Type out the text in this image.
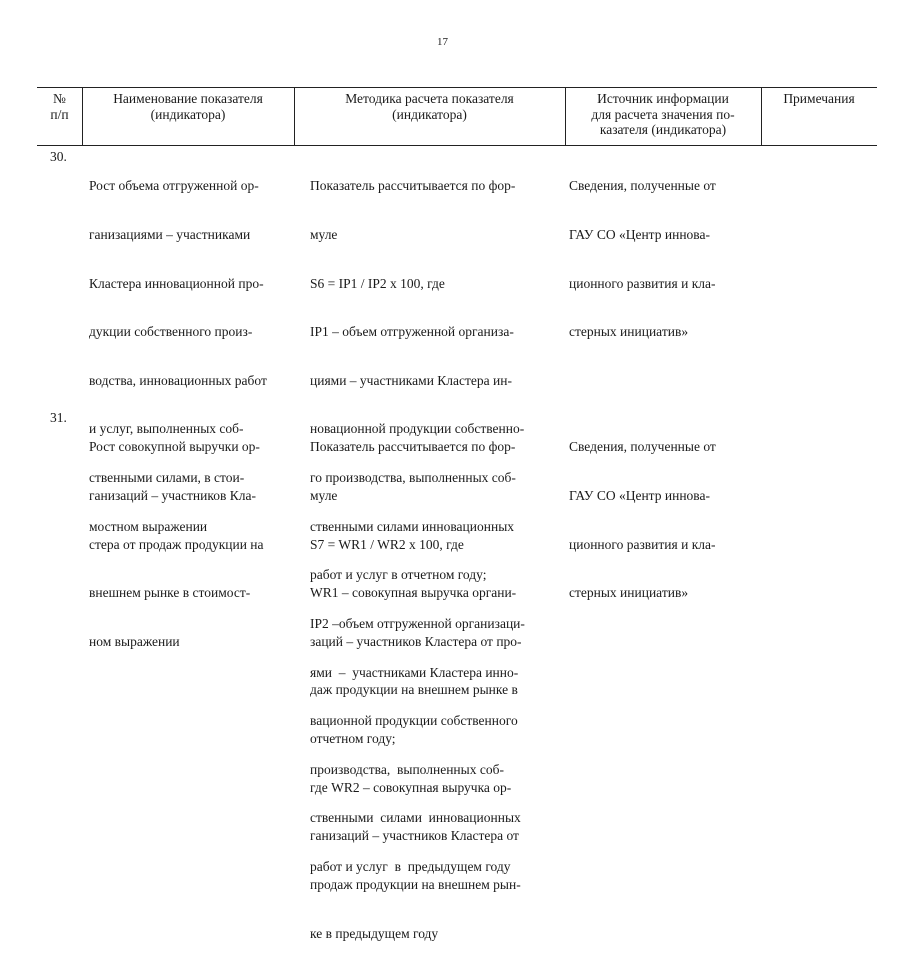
17
№
п/п
Наименование показателя
(индикатора)
Методика расчета показателя
(индикатора)
Источник информации
для расчета значения по-
казателя (индикатора)
Примечания
30.

Рост объема отгруженной ор-

ганизациями – участниками

Кластера инновационной про-

дукции собственного произ-

водства, инновационных работ

и услуг, выполненных соб-

ственными силами, в стои-

мостном выражении

Показатель рассчитывается по фор-

муле

S6 = IP1 / IP2 x 100, где

IP1 – объем отгруженной организа-

циями – участниками Кластера ин-

новационной продукции собственно-

го производства, выполненных соб-

ственными силами инновационных

работ и услуг в отчетном году;

IP2 –объем отгруженной организаци-

ями  –  участниками Кластера инно-

вационной продукции собственного

производства,  выполненных соб-

ственными  силами  инновационных

работ и услуг  в  предыдущем году

Сведения, полученные от

ГАУ СО «Центр иннова-

ционного развития и кла-

стерных инициатив»

31.

Рост совокупной выручки ор-

ганизаций – участников Кла-

стера от продаж продукции на

внешнем рынке в стоимост-

ном выражении

Показатель рассчитывается по фор-

муле

S7 = WR1 / WR2 x 100, где

WR1 – совокупная выручка органи-

заций – участников Кластера от про-

даж продукции на внешнем рынке в

отчетном году;

где WR2 – совокупная выручка ор-

ганизаций – участников Кластера от

продаж продукции на внешнем рын-

ке в предыдущем году

Сведения, полученные от

ГАУ СО «Центр иннова-

ционного развития и кла-

стерных инициатив»
